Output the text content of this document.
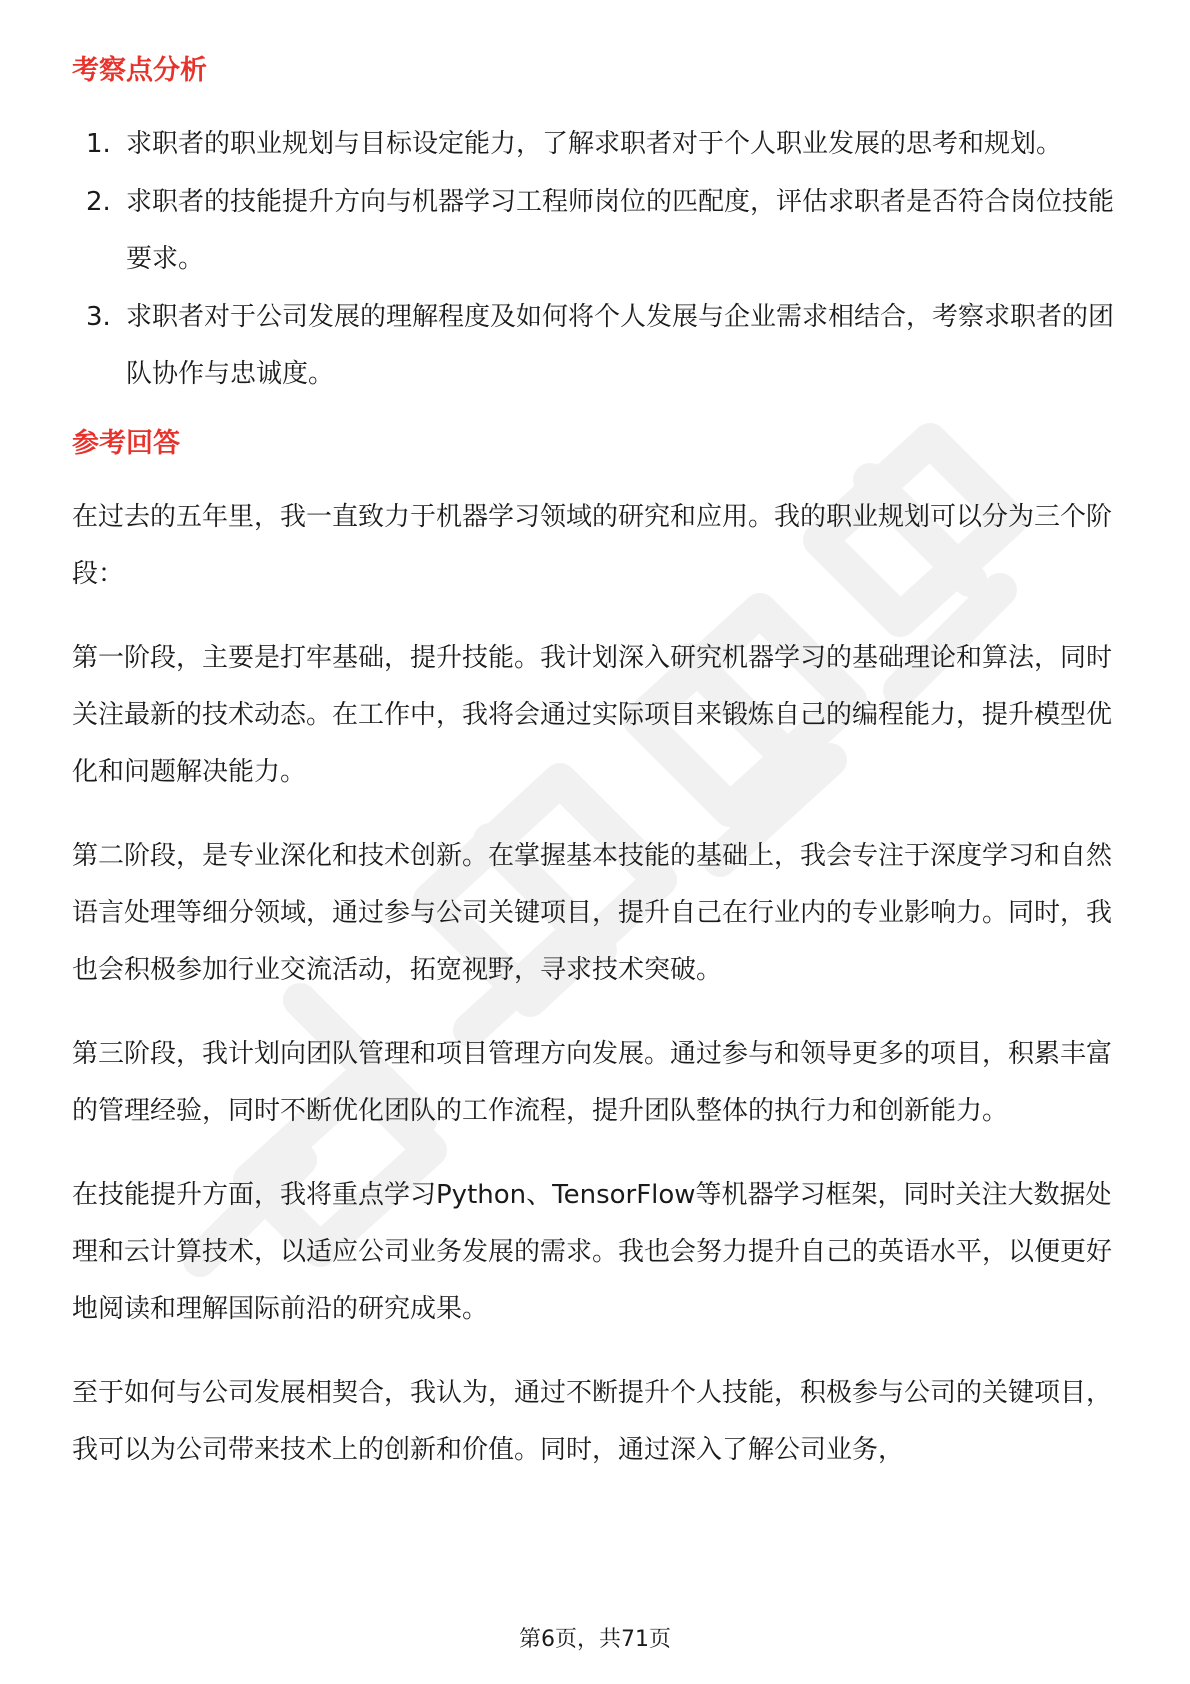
考察点分析
1. 求职者的职业规划与目标设定能力，了解求职者对于个人职业发展的思考和规划。
2. 求职者的技能提升方向与机器学习工程师岗位的匹配度，评估求职者是否符合岗位技能要求。
3. 求职者对于公司发展的理解程度及如何将个人发展与企业需求相结合，考察求职者的团队协作与忠诚度。
参考回答

在过去的五年里，我一直致力于机器学习领域的研究和应用。我的职业规划可以分为三个阶段：

第一阶段，主要是打牢基础，提升技能。我计划深入研究机器学习的基础理论和算法，同时关注最新的技术动态。在工作中，我将会通过实际项目来锻炼自己的编程能力，提升模型优化和问题解决能力。

第二阶段，是专业深化和技术创新。在掌握基本技能的基础上，我会专注于深度学习和自然语言处理等细分领域，通过参与公司关键项目，提升自己在行业内的专业影响力。同时，我也会积极参加行业交流活动，拓宽视野，寻求技术突破。

第三阶段，我计划向团队管理和项目管理方向发展。通过参与和领导更多的项目，积累丰富的管理经验，同时不断优化团队的工作流程，提升团队整体的执行力和创新能力。

在技能提升方面，我将重点学习Python、TensorFlow等机器学习框架，同时关注大数据处理和云计算技术，以适应公司业务发展的需求。我也会努力提升自己的英语水平，以便更好地阅读和理解国际前沿的研究成果。

至于如何与公司发展相契合，我认为，通过不断提升个人技能，积极参与公司的关键项目，我可以为公司带来技术上的创新和价值。同时，通过深入了解公司业务，

第6页，共71页
